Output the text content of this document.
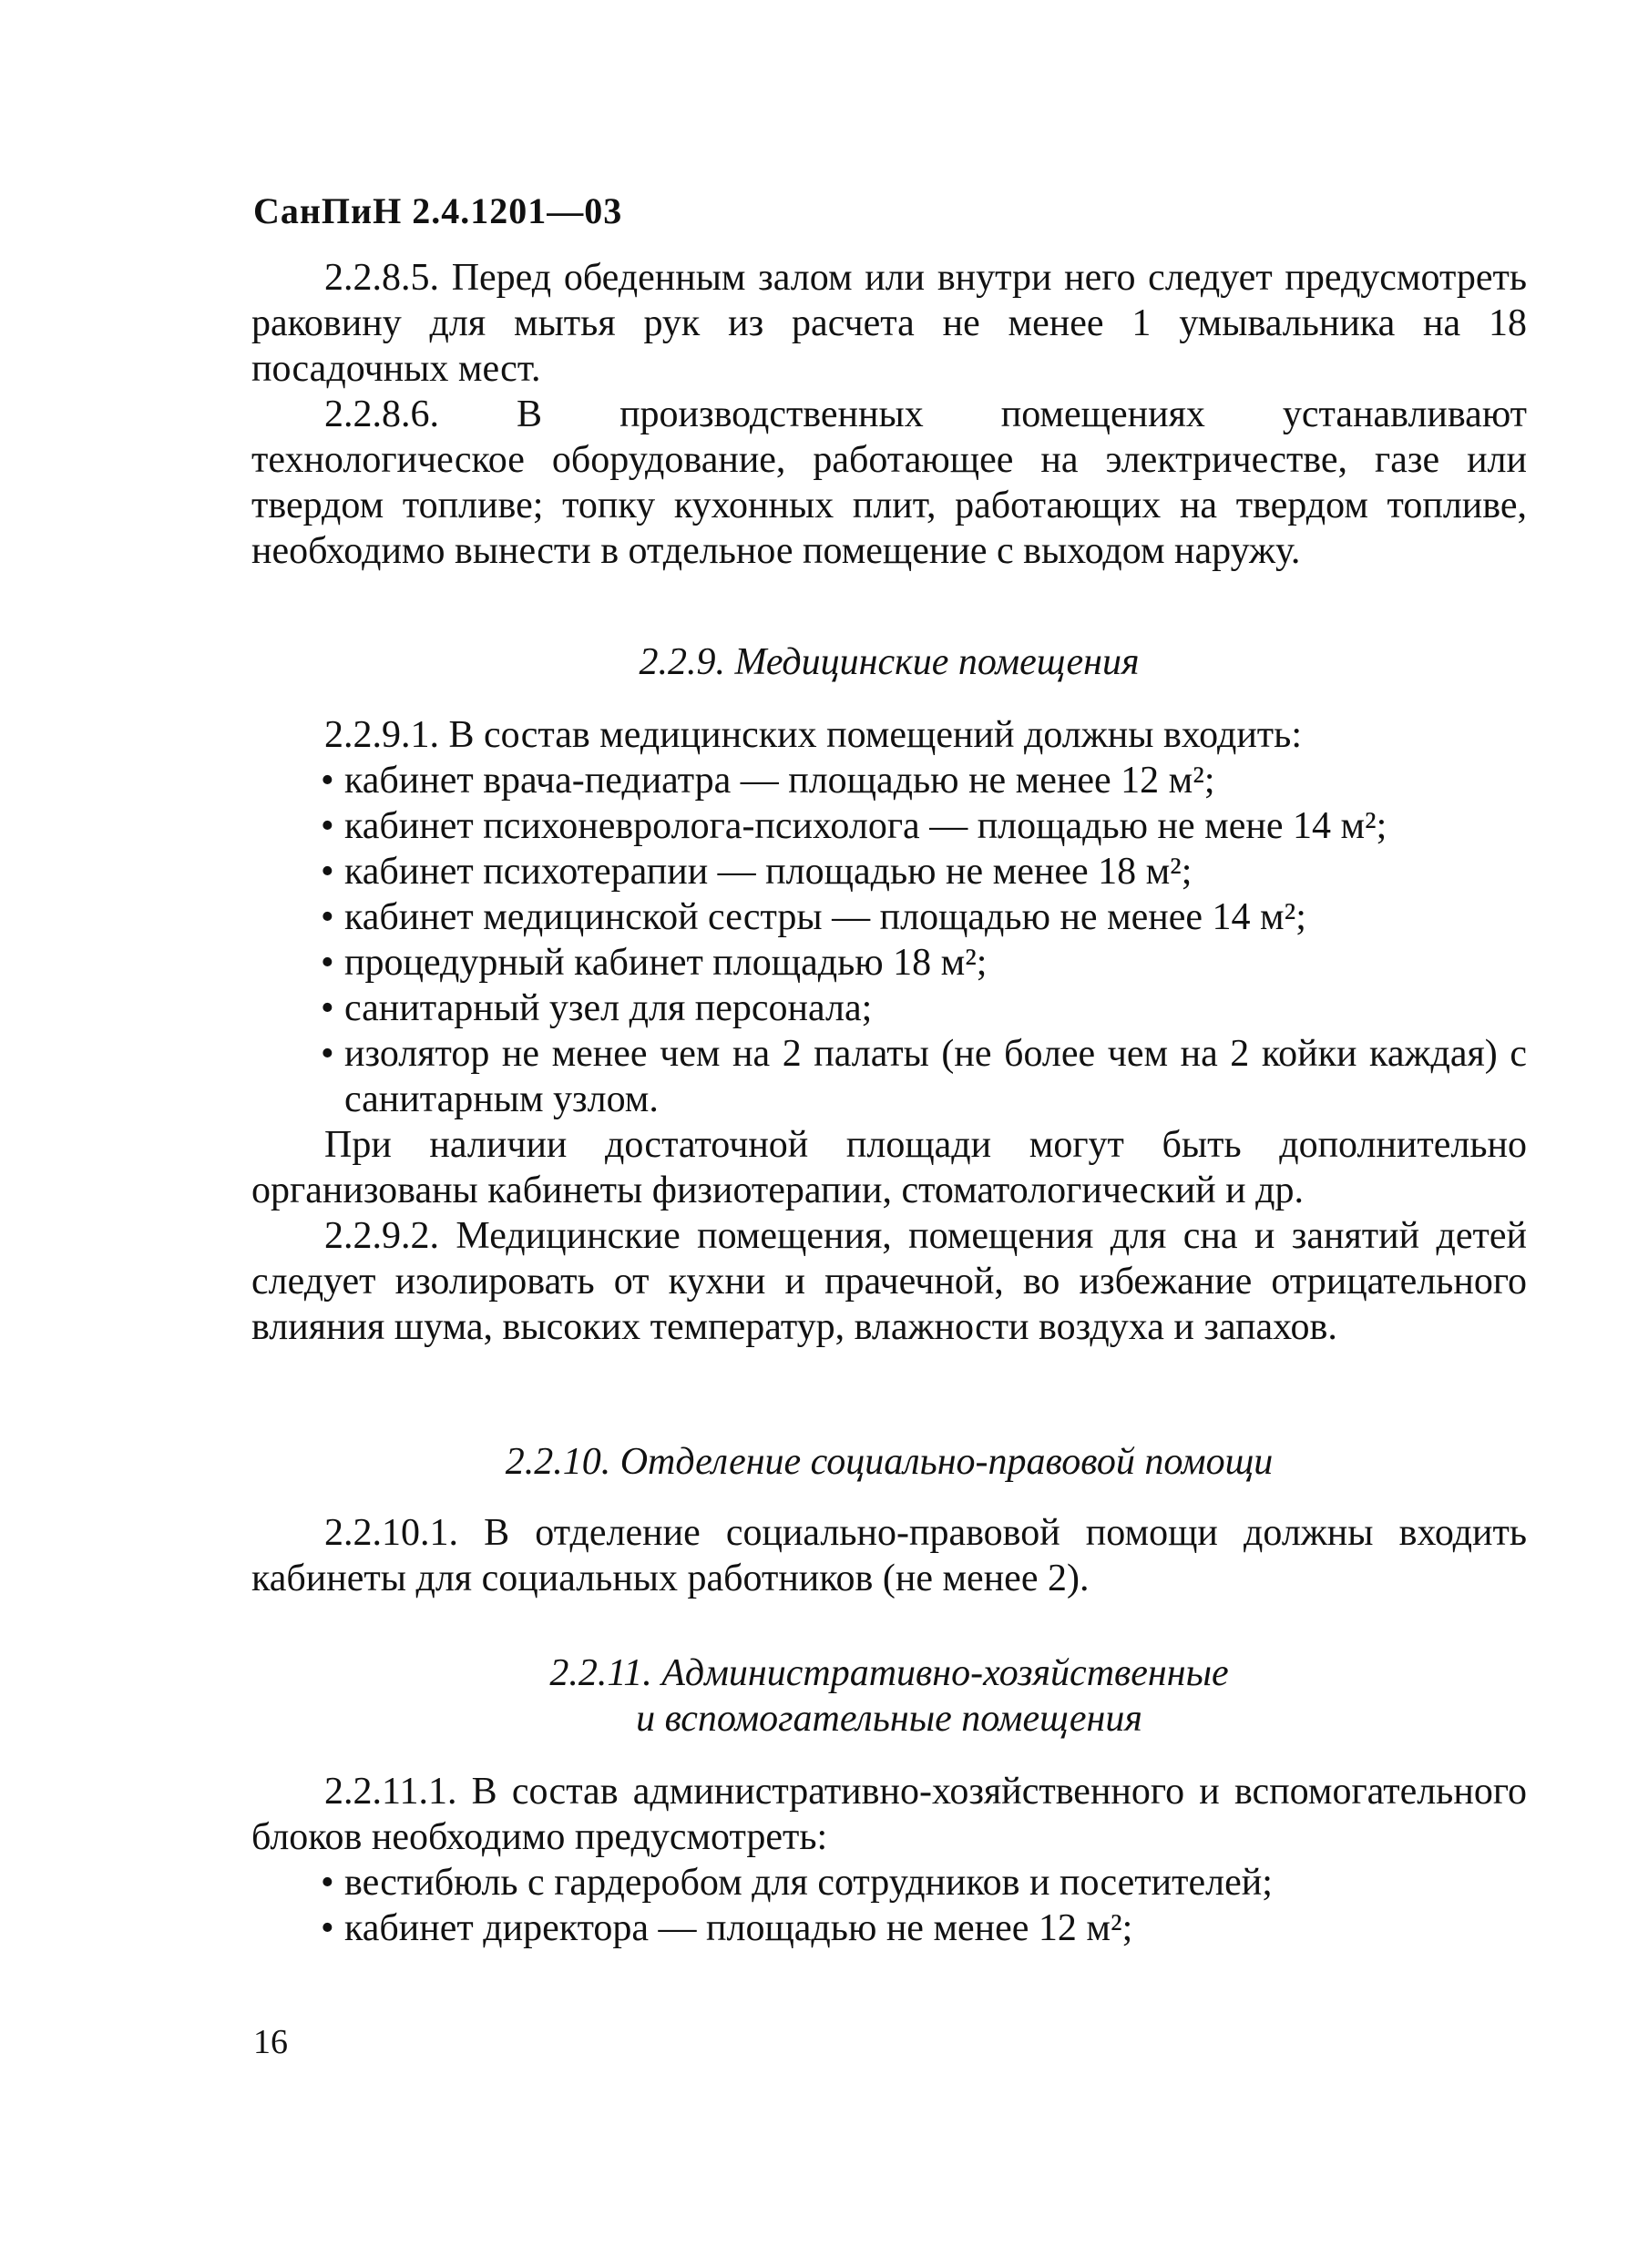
СанПиН 2.4.1201—03

2.2.8.5. Перед обеденным залом или внутри него следует предусмотреть раковину для мытья рук из расчета не менее 1 умывальника на 18 посадочных мест.

2.2.8.6. В производственных помещениях устанавливают технологическое оборудование, работающее на электричестве, газе или твердом топливе; топку кухонных плит, работающих на твердом топливе, необходимо вынести в отдельное помещение с выходом наружу.

2.2.9. Медицинские помещения

2.2.9.1. В состав медицинских помещений должны входить:

• кабинет врача-педиатра — площадью не менее 12 м²;
• кабинет психоневролога-психолога — площадью не мене 14 м²;
• кабинет психотерапии — площадью не менее 18 м²;
• кабинет медицинской сестры — площадью не менее 14 м²;
• процедурный кабинет площадью 18 м²;
• санитарный узел для персонала;
• изолятор не менее чем на 2 палаты (не более чем на 2 койки каждая) с санитарным узлом.

При наличии достаточной площади могут быть дополнительно организованы кабинеты физиотерапии, стоматологический и др.

2.2.9.2. Медицинские помещения, помещения для сна и занятий детей следует изолировать от кухни и прачечной, во избежание отрицательного влияния шума, высоких температур, влажности воздуха и запахов.

2.2.10. Отделение социально-правовой помощи

2.2.10.1. В отделение социально-правовой помощи должны входить кабинеты для социальных работников (не менее 2).

2.2.11. Административно-хозяйственные
и вспомогательные помещения

2.2.11.1. В состав административно-хозяйственного и вспомогательного блоков необходимо предусмотреть:

• вестибюль с гардеробом для сотрудников и посетителей;
• кабинет директора — площадью не менее 12 м²;
16
